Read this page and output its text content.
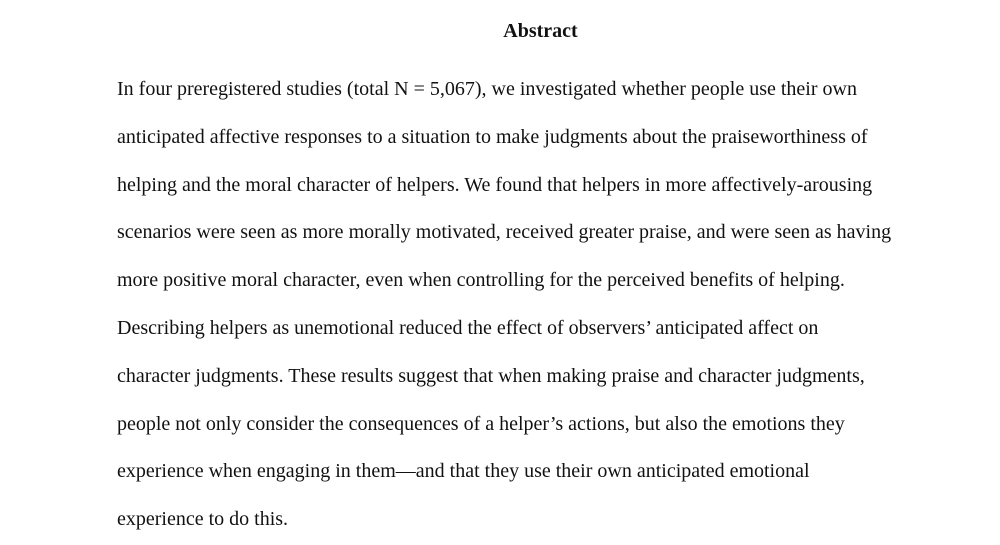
Abstract
In four preregistered studies (total N = 5,067), we investigated whether people use their own
anticipated affective responses to a situation to make judgments about the praiseworthiness of
helping and the moral character of helpers. We found that helpers in more affectively-arousing
scenarios were seen as more morally motivated, received greater praise, and were seen as having
more positive moral character, even when controlling for the perceived benefits of helping.
Describing helpers as unemotional reduced the effect of observers’ anticipated affect on
character judgments. These results suggest that when making praise and character judgments,
people not only consider the consequences of a helper’s actions, but also the emotions they
experience when engaging in them—and that they use their own anticipated emotional
experience to do this.
